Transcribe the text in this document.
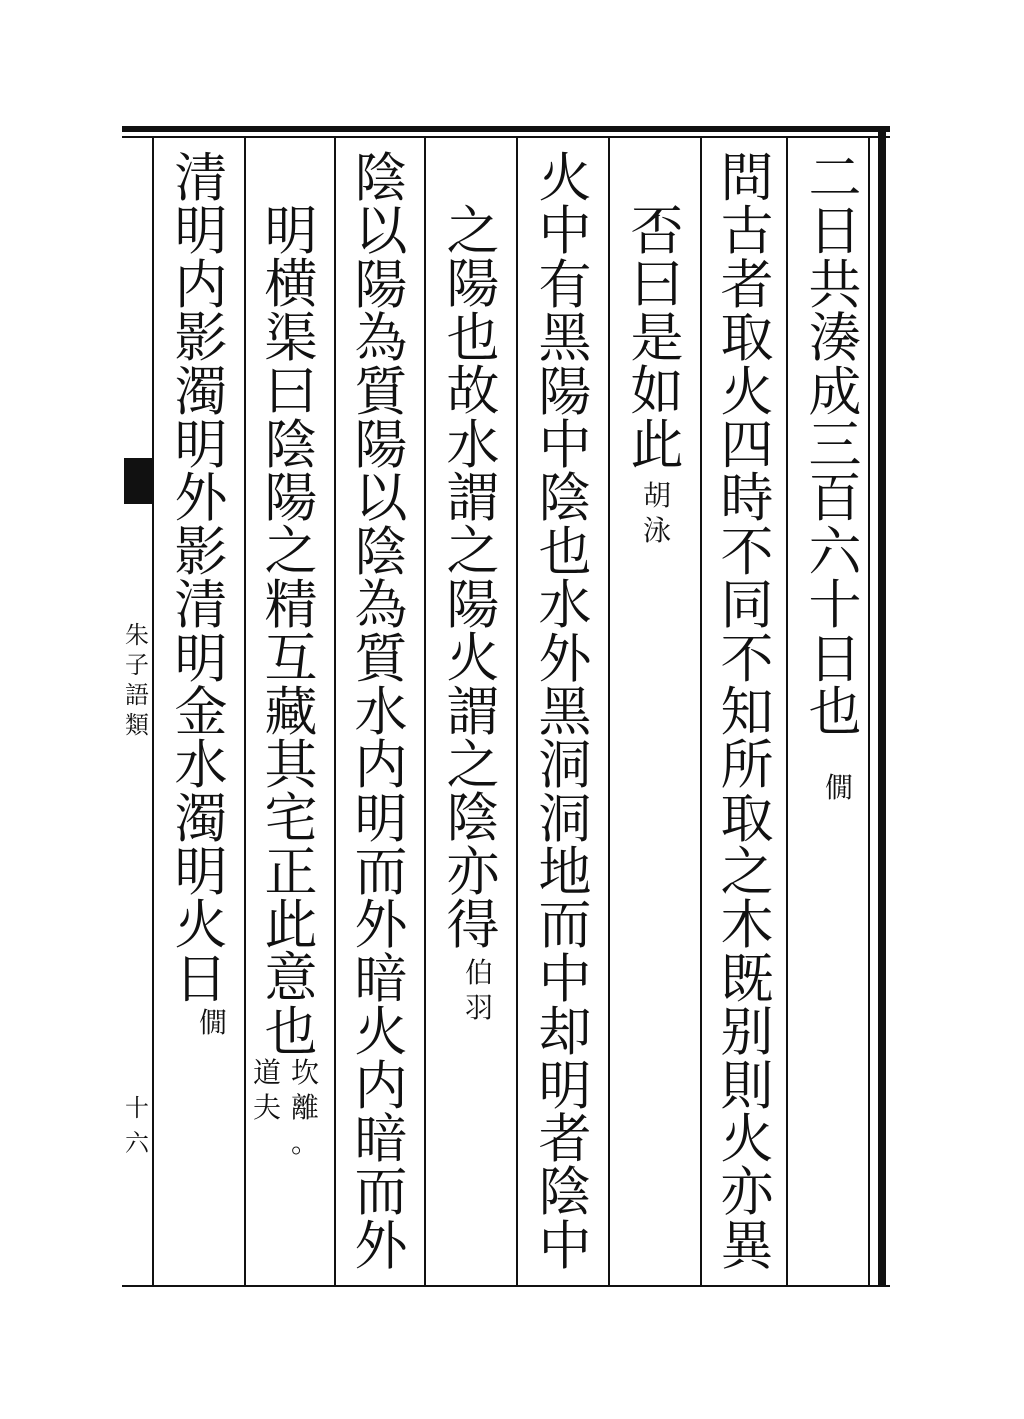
朱
子
語
類
十六
二
日
共
湊
成
三
百
六
十
日
也
僩
問
古
者
取
火
四
時
不
同
不
知
所
取
之
木
既
别
則
火
亦
異
否
曰
是
如
此
胡
泳
火
中
有
黑
陽
中
陰
也
水
外
黑
洞
洞
地
而
中
却
明
者
陰
中
之
陽
也
故
水
謂
之
陽
火
謂
之
陰
亦
得
伯
羽
陰
以
陽
為
質
陽
以
陰
為
質
水
内
明
而
外
暗
火
内
暗
而
外
明
横
渠
曰
陰
陽
之
精
互
藏
其
宅
正
此
意
也
坎
離
。
道
夫
清
明
内
影
濁
明
外
影
清
明
金
水
濁
明
火
日
僩
